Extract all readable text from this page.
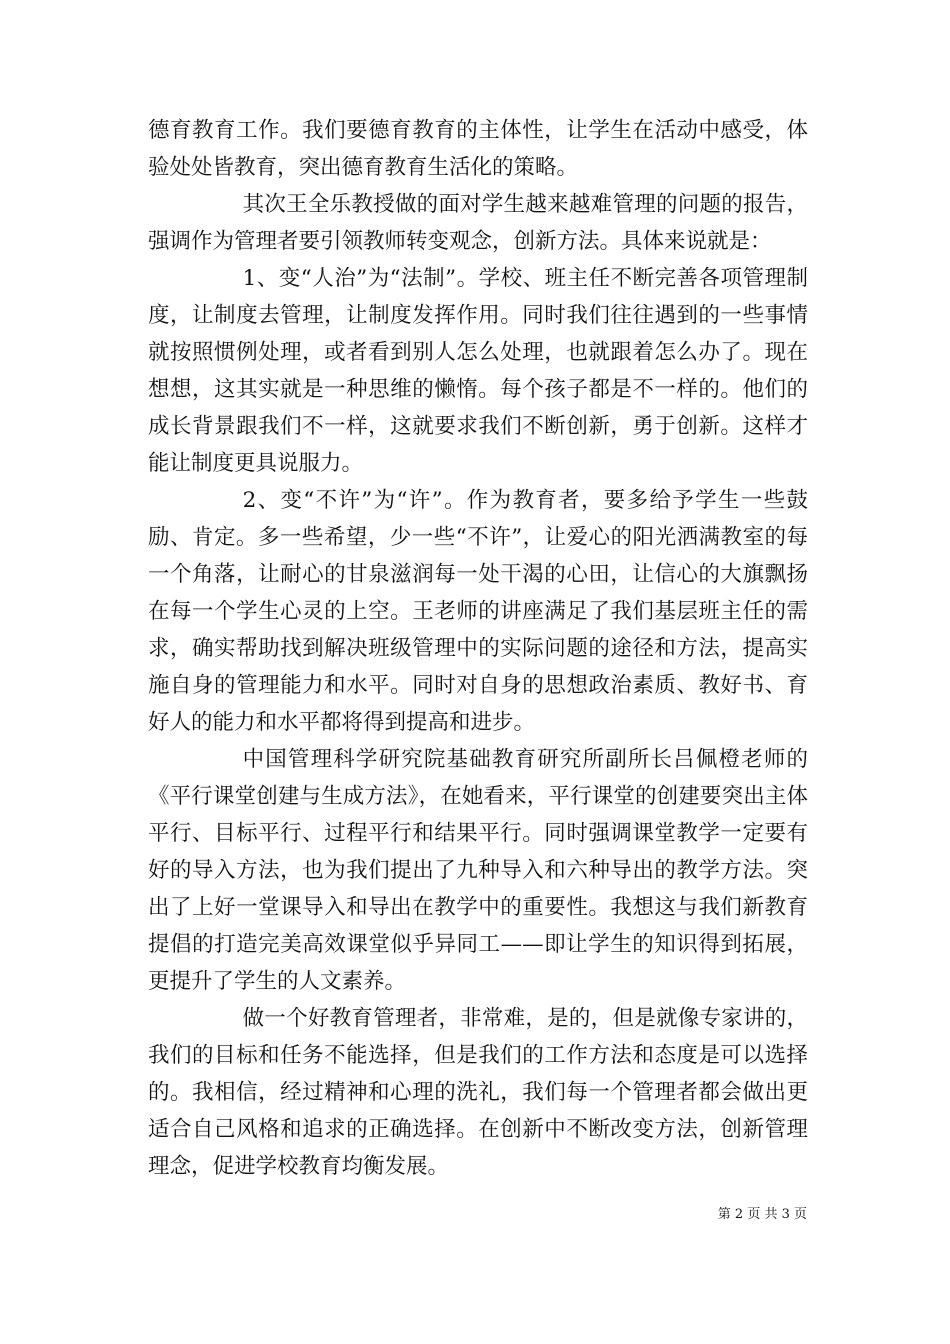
德育教育工作。我们要德育教育的主体性，让学生在活动中感受，体验处处皆教育，突出德育教育生活化的策略。

其次王全乐教授做的面对学生越来越难管理的问题的报告，强调作为管理者要引领教师转变观念，创新方法。具体来说就是：

1、变“人治”为“法制”。学校、班主任不断完善各项管理制度，让制度去管理，让制度发挥作用。同时我们往往遇到的一些事情就按照惯例处理，或者看到别人怎么处理，也就跟着怎么办了。现在想想，这其实就是一种思维的懒惰。每个孩子都是不一样的。他们的成长背景跟我们不一样，这就要求我们不断创新，勇于创新。这样才能让制度更具说服力。

2、变“不许”为“许”。作为教育者，要多给予学生一些鼓励、肯定。多一些希望，少一些“不许”，让爱心的阳光洒满教室的每一个角落，让耐心的甘泉滋润每一处干渴的心田，让信心的大旗飘扬在每一个学生心灵的上空。王老师的讲座满足了我们基层班主任的需求，确实帮助找到解决班级管理中的实际问题的途径和方法，提高实施自身的管理能力和水平。同时对自身的思想政治素质、教好书、育好人的能力和水平都将得到提高和进步。

中国管理科学研究院基础教育研究所副所长吕佩橙老师的《平行课堂创建与生成方法》，在她看来，平行课堂的创建要突出主体平行、目标平行、过程平行和结果平行。同时强调课堂教学一定要有好的导入方法，也为我们提出了九种导入和六种导出的教学方法。突出了上好一堂课导入和导出在教学中的重要性。我想这与我们新教育提倡的打造完美高效课堂似乎异同工——即让学生的知识得到拓展，更提升了学生的人文素养。

做一个好教育管理者，非常难，是的，但是就像专家讲的，我们的目标和任务不能选择，但是我们的工作方法和态度是可以选择的。我相信，经过精神和心理的洗礼，我们每一个管理者都会做出更适合自己风格和追求的正确选择。在创新中不断改变方法，创新管理理念，促进学校教育均衡发展。

第 2 页 共 3 页
